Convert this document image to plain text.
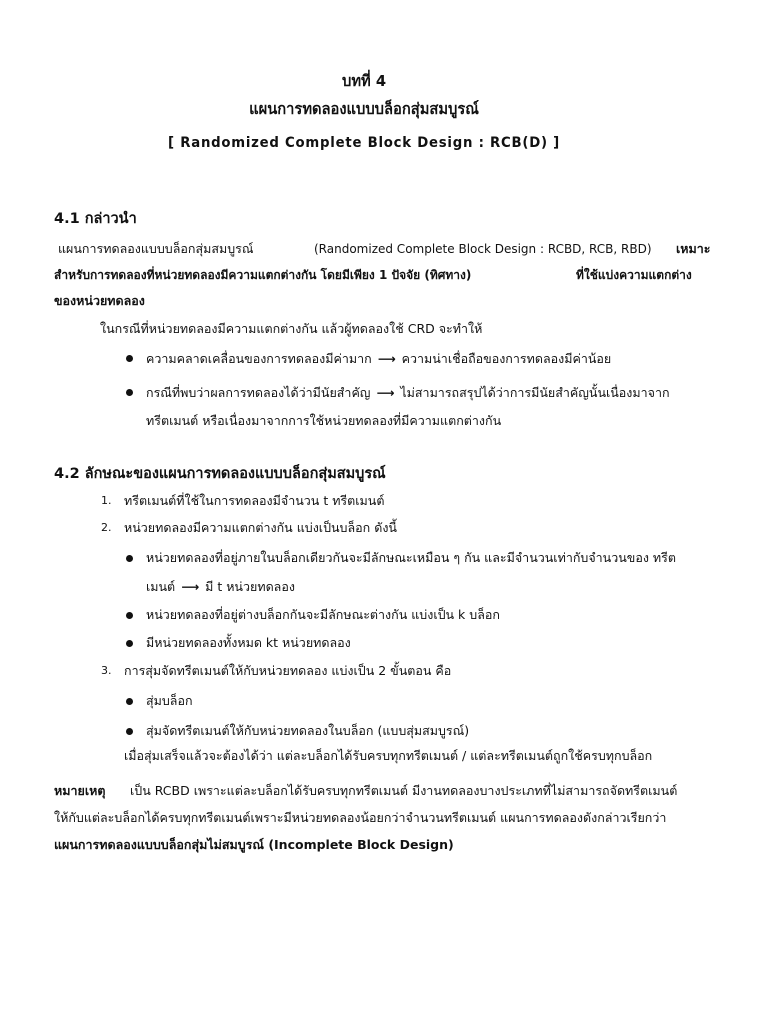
บทที่ 4
แผนการทดลองแบบบล็อกสุ่มสมบูรณ์
[ Randomized Complete Block Design : RCB(D) ]
4.1 กล่าวนำ
แผนการทดลองแบบบล็อกสุ่มสมบูรณ์	(Randomized Complete Block Design : RCBD, RCB, RBD) เหมาะ
สำหรับการทดลองที่หน่วยทดลองมีความแตกต่างกัน โดยมีเพียง 1 ปัจจัย (ทิศทาง)	ที่ใช้แบ่งความแตกต่าง
ของหน่วยทดลอง
ในกรณีที่หน่วยทดลองมีความแตกต่างกัน แล้วผู้ทดลองใช้ CRD จะทำให้
ความคลาดเคลื่อนของการทดลองมีค่ามาก ⟶ ความน่าเชื่อถือของการทดลองมีค่าน้อย
กรณีที่พบว่าผลการทดลองได้ว่ามีนัยสำคัญ ⟶ ไม่สามารถสรุปได้ว่าการมีนัยสำคัญนั้นเนื่องมาจาก
ทรีตเมนต์ หรือเนื่องมาจากการใช้หน่วยทดลองที่มีความแตกต่างกัน
4.2 ลักษณะของแผนการทดลองแบบบล็อกสุ่มสมบูรณ์
1. ทรีตเมนต์ที่ใช้ในการทดลองมีจำนวน t ทรีตเมนต์
2. หน่วยทดลองมีความแตกต่างกัน แบ่งเป็นบล็อก ดังนี้
หน่วยทดลองที่อยู่ภายในบล็อกเดียวกันจะมีลักษณะเหมือน ๆ กัน และมีจำนวนเท่ากับจำนวนของ ทรีต
เมนต์ ⟶ มี t หน่วยทดลอง
หน่วยทดลองที่อยู่ต่างบล็อกกันจะมีลักษณะต่างกัน แบ่งเป็น k บล็อก
มีหน่วยทดลองทั้งหมด kt หน่วยทดลอง
3. การสุ่มจัดทรีตเมนต์ให้กับหน่วยทดลอง แบ่งเป็น 2 ขั้นตอน คือ
สุ่มบล็อก
สุ่มจัดทรีตเมนต์ให้กับหน่วยทดลองในบล็อก (แบบสุ่มสมบูรณ์)
เมื่อสุ่มเสร็จแล้วจะต้องได้ว่า แต่ละบล็อกได้รับครบทุกทรีตเมนต์ / แต่ละทรีตเมนต์ถูกใช้ครบทุกบล็อก
หมายเหตุ เป็น RCBD เพราะแต่ละบล็อกได้รับครบทุกทรีตเมนต์ มีงานทดลองบางประเภทที่ไม่สามารถจัดทรีตเมนต์
ให้กับแต่ละบล็อกได้ครบทุกทรีตเมนต์เพราะมีหน่วยทดลองน้อยกว่าจำนวนทรีตเมนต์ แผนการทดลองดังกล่าวเรียกว่า
แผนการทดลองแบบบล็อกสุ่มไม่สมบูรณ์ (Incomplete Block Design)
